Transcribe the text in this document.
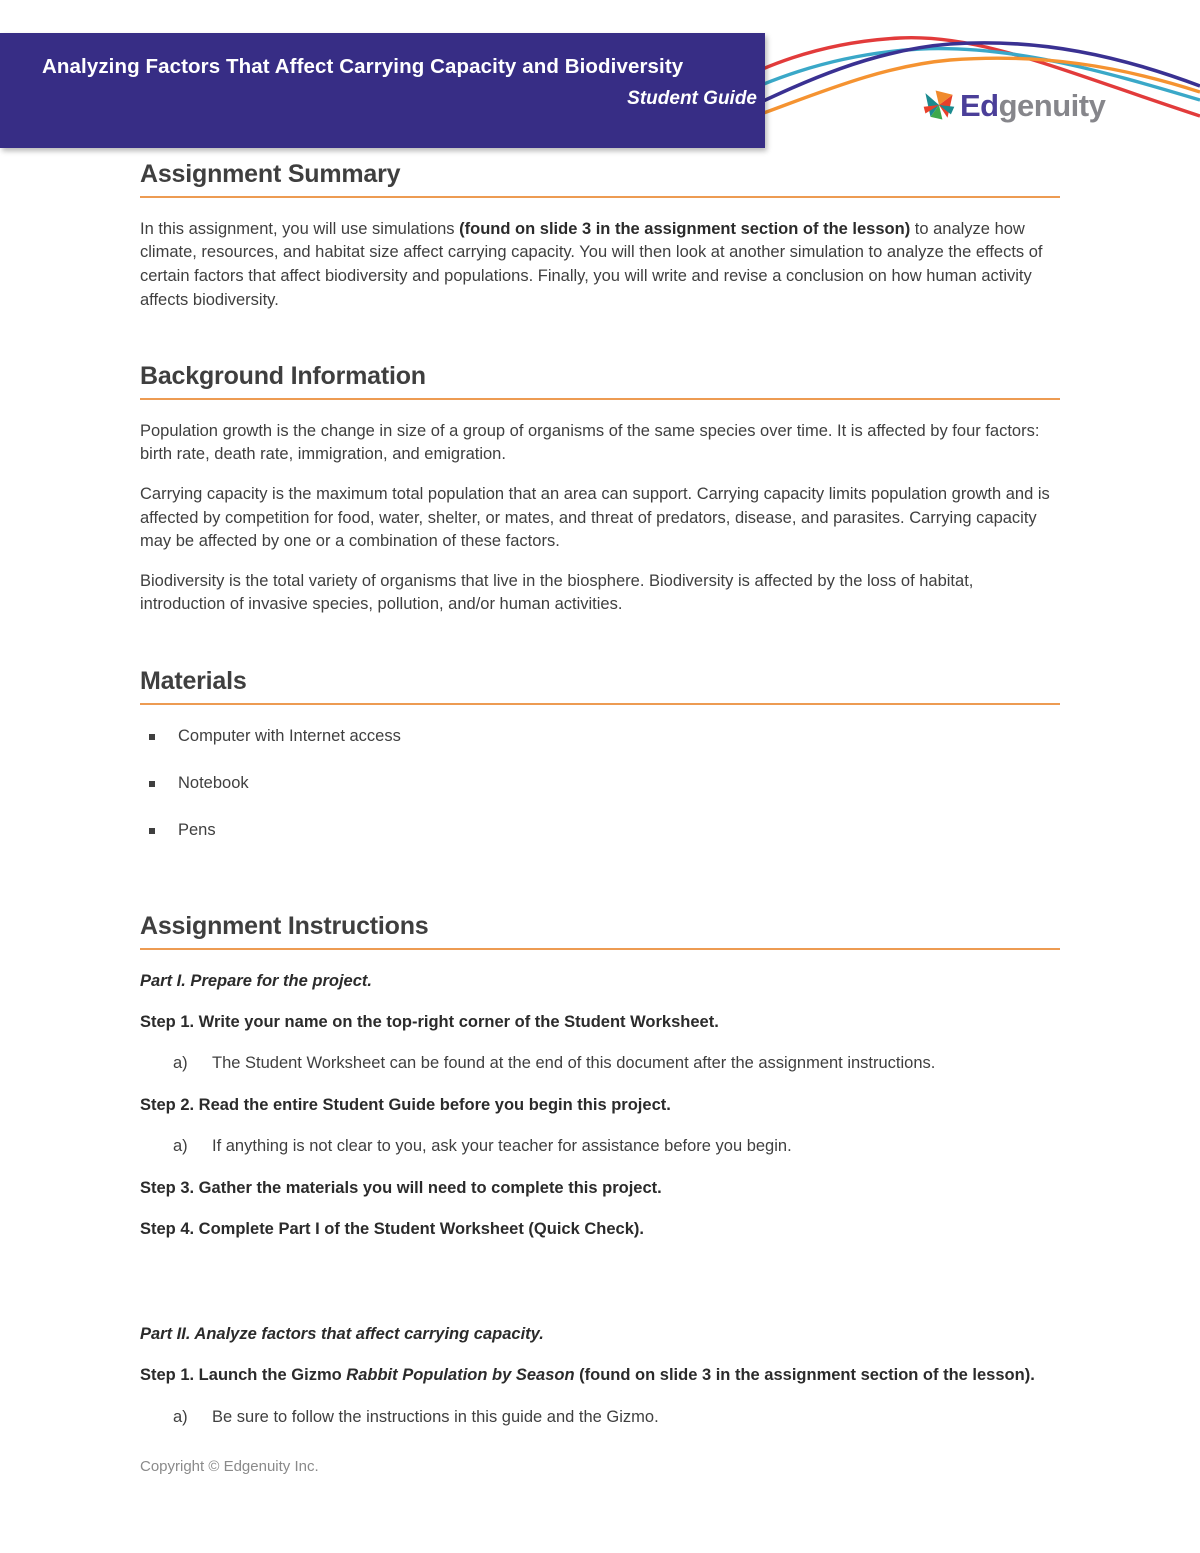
Analyzing Factors That Affect Carrying Capacity and Biodiversity
Student Guide	Edgenuity
Assignment Summary

In this assignment, you will use simulations (found on slide 3 in the assignment section of the lesson) to analyze how climate, resources, and habitat size affect carrying capacity. You will then look at another simulation to analyze the effects of certain factors that affect biodiversity and populations. Finally, you will write and revise a conclusion on how human activity affects biodiversity.

Background Information

Population growth is the change in size of a group of organisms of the same species over time. It is affected by four factors: birth rate, death rate, immigration, and emigration.

Carrying capacity is the maximum total population that an area can support. Carrying capacity limits population growth and is affected by competition for food, water, shelter, or mates, and threat of predators, disease, and parasites. Carrying capacity may be affected by one or a combination of these factors.

Biodiversity is the total variety of organisms that live in the biosphere. Biodiversity is affected by the loss of habitat, introduction of invasive species, pollution, and/or human activities.

Materials
Computer with Internet access
Notebook
Pens
Assignment Instructions
Part I. Prepare for the project.
Step 1. Write your name on the top-right corner of the Student Worksheet.
a) The Student Worksheet can be found at the end of this document after the assignment instructions.
Step 2. Read the entire Student Guide before you begin this project.
a) If anything is not clear to you, ask your teacher for assistance before you begin.
Step 3. Gather the materials you will need to complete this project.
Step 4. Complete Part I of the Student Worksheet (Quick Check).
Part II. Analyze factors that affect carrying capacity.
Step 1. Launch the Gizmo Rabbit Population by Season (found on slide 3 in the assignment section of the lesson).
a) Be sure to follow the instructions in this guide and the Gizmo.
Copyright © Edgenuity Inc.
